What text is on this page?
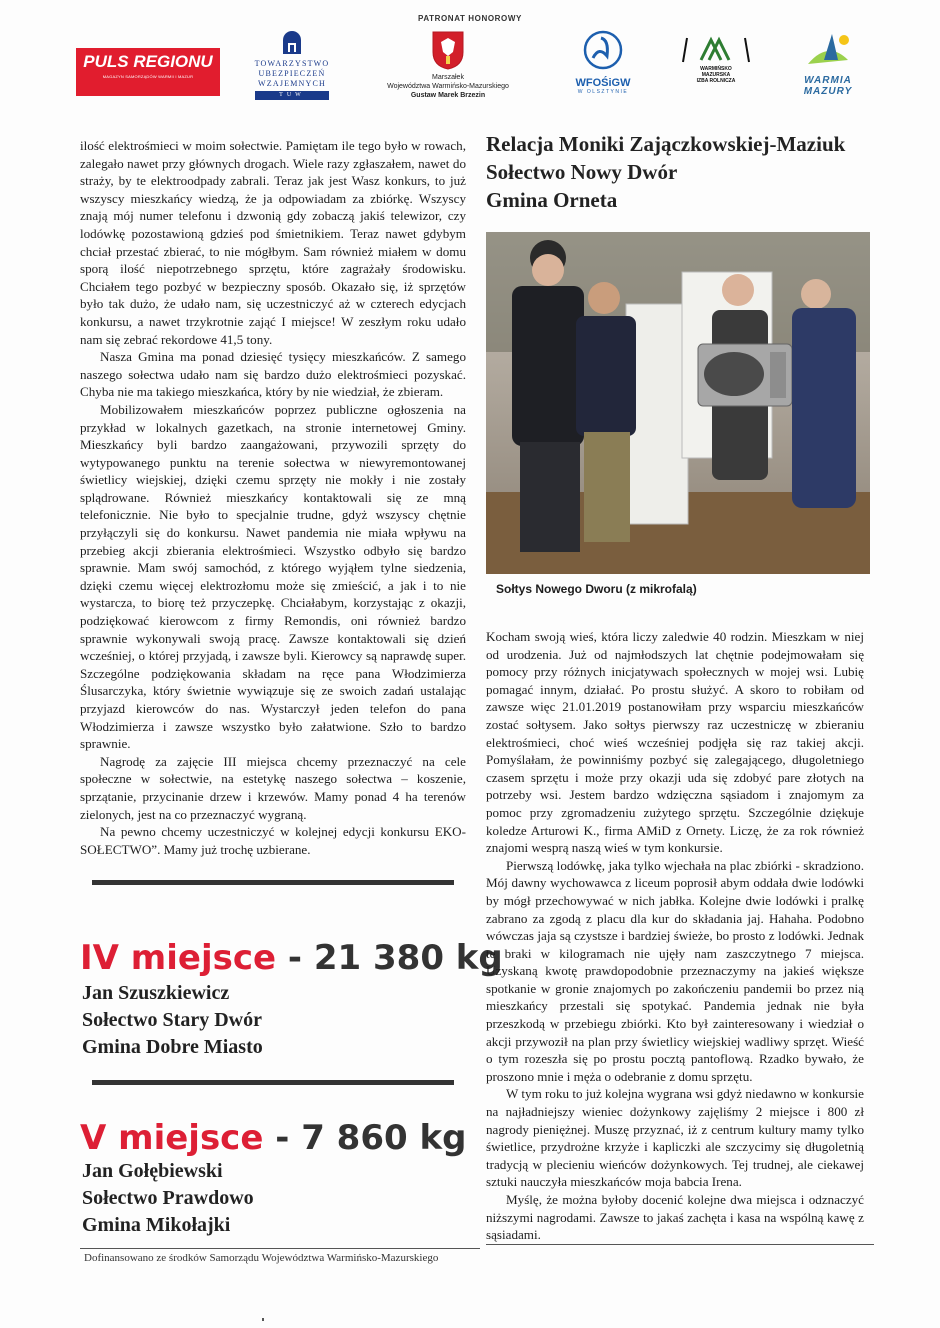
PATRONAT HONOROWY
PULS REGIONU
MAGAZYN SAMORZĄDÓW WARMII I MAZUR
TOWARZYSTWO
UBEZPIECZEŃ
WZAJEMNYCH
TUW
Marszałek
Województwa Warmińsko-Mazurskiego
Gustaw Marek Brzezin
WFOŚiGW
W OLSZTYNIE
WARMIŃSKO
MAZURSKA
IZBA ROLNICZA	WARMIA
MAZURY

ilość elektrośmieci w moim sołectwie. Pamiętam ile tego było w rowach, zalegało nawet przy głównych drogach. Wiele razy zgłaszałem, nawet do straży, by te elektroodpady zabrali. Teraz jak jest Wasz konkurs, to już wszyscy mieszkańcy wiedzą, że ja odpowiadam za zbiórkę. Wszyscy znają mój numer telefonu i dzwonią gdy zobaczą jakiś telewizor, czy lodówkę pozostawioną gdzieś pod śmietnikiem. Teraz nawet gdybym chciał przestać zbierać, to nie mógłbym. Sam również miałem w domu sporą ilość niepotrzebnego sprzętu, które zagrażały środowisku. Chciałem tego pozbyć w bezpieczny sposób. Okazało się, iż sprzętów było tak dużo, że udało nam, się uczestniczyć aż w czterech edycjach konkursu, a nawet trzykrotnie zająć I miejsce! W zeszłym roku udało nam się zebrać rekordowe 41,5 tony.

Nasza Gmina ma ponad dziesięć tysięcy mieszkańców. Z samego naszego sołectwa udało nam się bardzo dużo elektrośmieci pozyskać. Chyba nie ma takiego mieszkańca, który by nie wiedział, że zbieram.

Mobilizowałem mieszkańców poprzez publiczne ogłoszenia na przykład w lokalnych gazetkach, na stronie internetowej Gminy. Mieszkańcy byli bardzo zaangażowani, przywozili sprzęty do wytypowanego punktu na terenie sołectwa w niewyremontowanej świetlicy wiejskiej, dzięki czemu sprzęty nie mokły i nie zostały splądrowane. Również mieszkańcy kontaktowali się ze mną telefonicznie. Nie było to specjalnie trudne, gdyż wszyscy chętnie przyłączyli się do konkursu. Nawet pandemia nie miała wpływu na przebieg akcji zbierania elektrośmieci. Wszystko odbyło się bardzo sprawnie. Mam swój samochód, z którego wyjąłem tylne siedzenia, dzięki czemu więcej elektrozłomu może się zmieścić, a jak i to nie wystarcza, to biorę też przyczepkę. Chciałabym, korzystając z okazji, podziękować kierowcom z firmy Remondis, oni również bardzo sprawnie wykonywali swoją pracę. Zawsze kontaktowali się dzień wcześniej, o której przyjadą, i zawsze byli. Kierowcy są naprawdę super. Szczególne podziękowania składam na ręce pana Włodzimierza Ślusarczyka, który świetnie wywiązuje się ze swoich zadań ustalając przyjazd kierowców do nas. Wystarczył jeden telefon do pana Włodzimierza i zawsze wszystko było załatwione. Szło to bardzo sprawnie.

Nagrodę za zajęcie III miejsca chcemy przeznaczyć na cele społeczne w sołectwie, na estetykę naszego sołectwa – koszenie, sprzątanie, przycinanie drzew i krzewów. Mamy ponad 4 ha terenów zielonych, jest na co przeznaczyć wygraną.

Na pewno chcemy uczestniczyć w kolejnej edycji konkursu EKO-SOŁECTWO”. Mamy już trochę uzbierane.

IV miejsce - 21 380 kg
Jan Szuszkiewicz
Sołectwo Stary Dwór
Gmina Dobre Miasto
V miejsce - 7 860 kg
Jan Gołębiewski
Sołectwo Prawdowo
Gmina Mikołajki
Relacja Moniki Zajączkowskiej-Maziuk
Sołectwo Nowy Dwór
Gmina Orneta
Sołtys Nowego Dworu (z mikrofalą)

Kocham swoją wieś, która liczy zaledwie 40 rodzin. Mieszkam w niej od urodzenia. Już od najmłodszych lat chętnie podejmowałam się pomocy przy różnych inicjatywach społecznych w mojej wsi. Lubię pomagać innym, działać. Po prostu służyć. A skoro to robiłam od zawsze więc 21.01.2019 postanowiłam przy wsparciu mieszkańców zostać sołtysem. Jako sołtys pierwszy raz uczestniczę w zbieraniu elektrośmieci, choć wieś wcześniej podjęła się raz takiej akcji. Pomyślałam, że powinniśmy pozbyć się zalegającego, długoletniego czasem sprzętu i może przy okazji uda się zdobyć pare złotych na potrzeby wsi. Jestem bardzo wdzięczna sąsiadom i znajomym za pomoc przy zgromadzeniu zużytego sprzętu. Szczególnie dziękuje koledze Arturowi K., firma AMiD z Ornety. Liczę, że za rok również znajomi wesprą naszą wieś w tym konkursie.

Pierwszą lodówkę, jaka tylko wjechała na plac zbiórki - skradziono. Mój dawny wychowawca z liceum poprosił abym oddała dwie lodówki by mógł przechowywać w nich jabłka. Kolejne dwie lodówki i pralkę zabrano za zgodą z placu dla kur do składania jaj. Hahaha. Podobno wówczas jaja są czystsze i bardziej świeże, bo prosto z lodówki. Jednak te braki w kilogramach nie ujęły nam zaszczytnego 7 miejsca. Uzyskaną kwotę prawdopodobnie przeznaczymy na jakieś większe spotkanie w gronie znajomych po zakończeniu pandemii bo przez nią mieszkańcy przestali się spotykać. Pandemia jednak nie była przeszkodą w przebiegu zbiórki. Kto był zainteresowany i wiedział o akcji przywoził na plan przy świetlicy wiejskiej wadliwy sprzęt. Wieść o tym rozeszła się po prostu pocztą pantoflową. Rzadko bywało, że proszono mnie i męża o odebranie z domu sprzętu.

W tym roku to już kolejna wygrana wsi gdyż niedawno w konkursie na najładniejszy wieniec dożynkowy zajęliśmy 2 miejsce i 800 zł nagrody pieniężnej. Muszę przyznać, iż z centrum kultury mamy tylko świetlice, przydrożne krzyże i kapliczki ale szczycimy się długoletnią tradycją w plecieniu wieńców dożynkowych. Tej trudnej, ale ciekawej sztuki nauczyła mieszkańców moja babcia Irena.

Myślę, że można byłoby docenić kolejne dwa miejsca i odznaczyć niższymi nagrodami. Zawsze to jakaś zachęta i kasa na wspólną kawę z sąsiadami.

Dofinansowano ze środków Samorządu Województwa Warmińsko-Mazurskiego
